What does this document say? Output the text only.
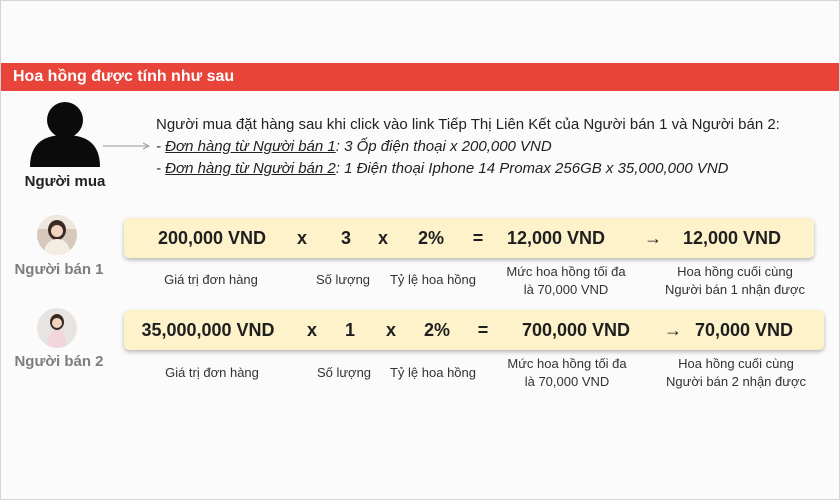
Hoa hồng được tính như sau
Người mua
Người mua đặt hàng sau khi click vào link Tiếp Thị Liên Kết của Người bán 1 và Người bán 2:
- Đơn hàng từ Người bán 1: 3 Ốp điện thoại x 200,000 VND
- Đơn hàng từ Người bán 2: 1 Điện thoại Iphone 14 Promax 256GB x 35,000,000 VND
Người bán 1
200,000 VND x 3 x 2% = 12,000 VND → 12,000 VND
Giá trị đơn hàng	Số lượng Tỷ lệ hoa hồng
Mức hoa hồng tối đa
là 70,000 VND
Hoa hồng cuối cùng
Người bán 1 nhận được
Người bán 2
35,000,000 VND x 1 x 2% = 700,000 VND → 70,000 VND
Giá trị đơn hàng	Số lượng Tỷ lệ hoa hồng
Mức hoa hồng tối đa
là 70,000 VND
Hoa hồng cuối cùng
Người bán 2 nhận được
